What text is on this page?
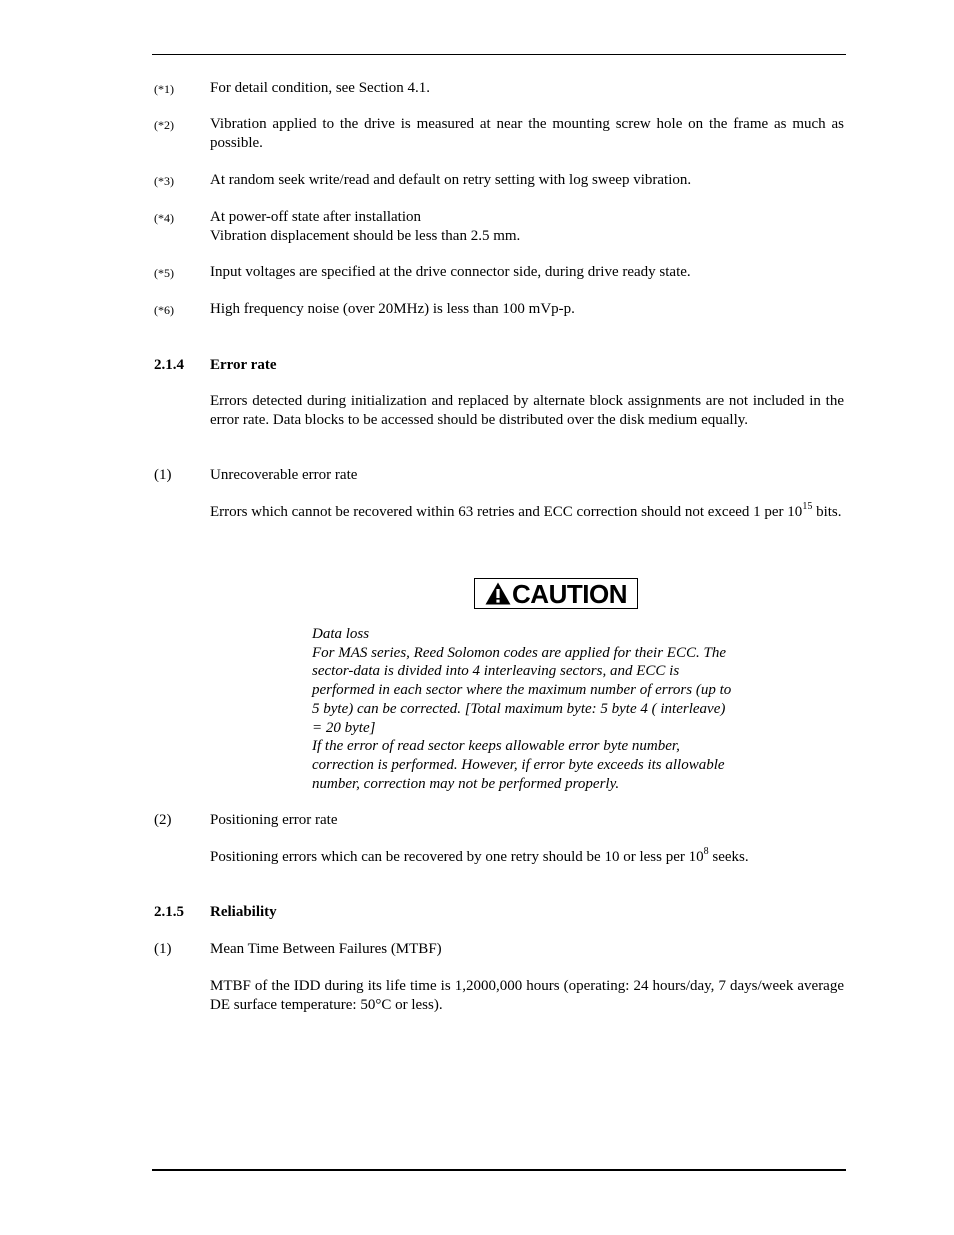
(*1) For detail condition, see Section 4.1.
(*2) Vibration applied to the drive is measured at near the mounting screw hole on the frame as much as possible.
(*3) At random seek write/read and default on retry setting with log sweep vibration.
(*4) At power-off state after installation
Vibration displacement should be less than 2.5 mm.
(*5) Input voltages are specified at the drive connector side, during drive ready state.
(*6) High frequency noise (over 20MHz) is less than 100 mVp-p.
2.1.4 Error rate
Errors detected during initialization and replaced by alternate block assignments are not included in the error rate. Data blocks to be accessed should be distributed over the disk medium equally.
(1)	Unrecoverable error rate
Errors which cannot be recovered within 63 retries and ECC correction should not exceed 1 per $10^{15}$ bits.
CAUTION
Data loss
For MAS series, Reed Solomon codes are applied for their ECC. The
sector-data is divided into 4 interleaving sectors, and ECC is
performed in each sector where the maximum number of errors (up to
5 byte) can be corrected. [Total maximum byte: 5 byte 4 ( interleave)
= 20 byte]
If the error of read sector keeps allowable error byte number,
correction is performed. However, if error byte exceeds its allowable
number, correction may not be performed properly.
(2)	Positioning error rate
Positioning errors which can be recovered by one retry should be 10 or less per $10^8$ seeks.
2.1.5 Reliability
(1)	Mean Time Between Failures (MTBF)
MTBF of the IDD during its life time is 1,2000,000 hours (operating: 24 hours/day, 7 days/week average DE surface temperature: 50°C or less).
